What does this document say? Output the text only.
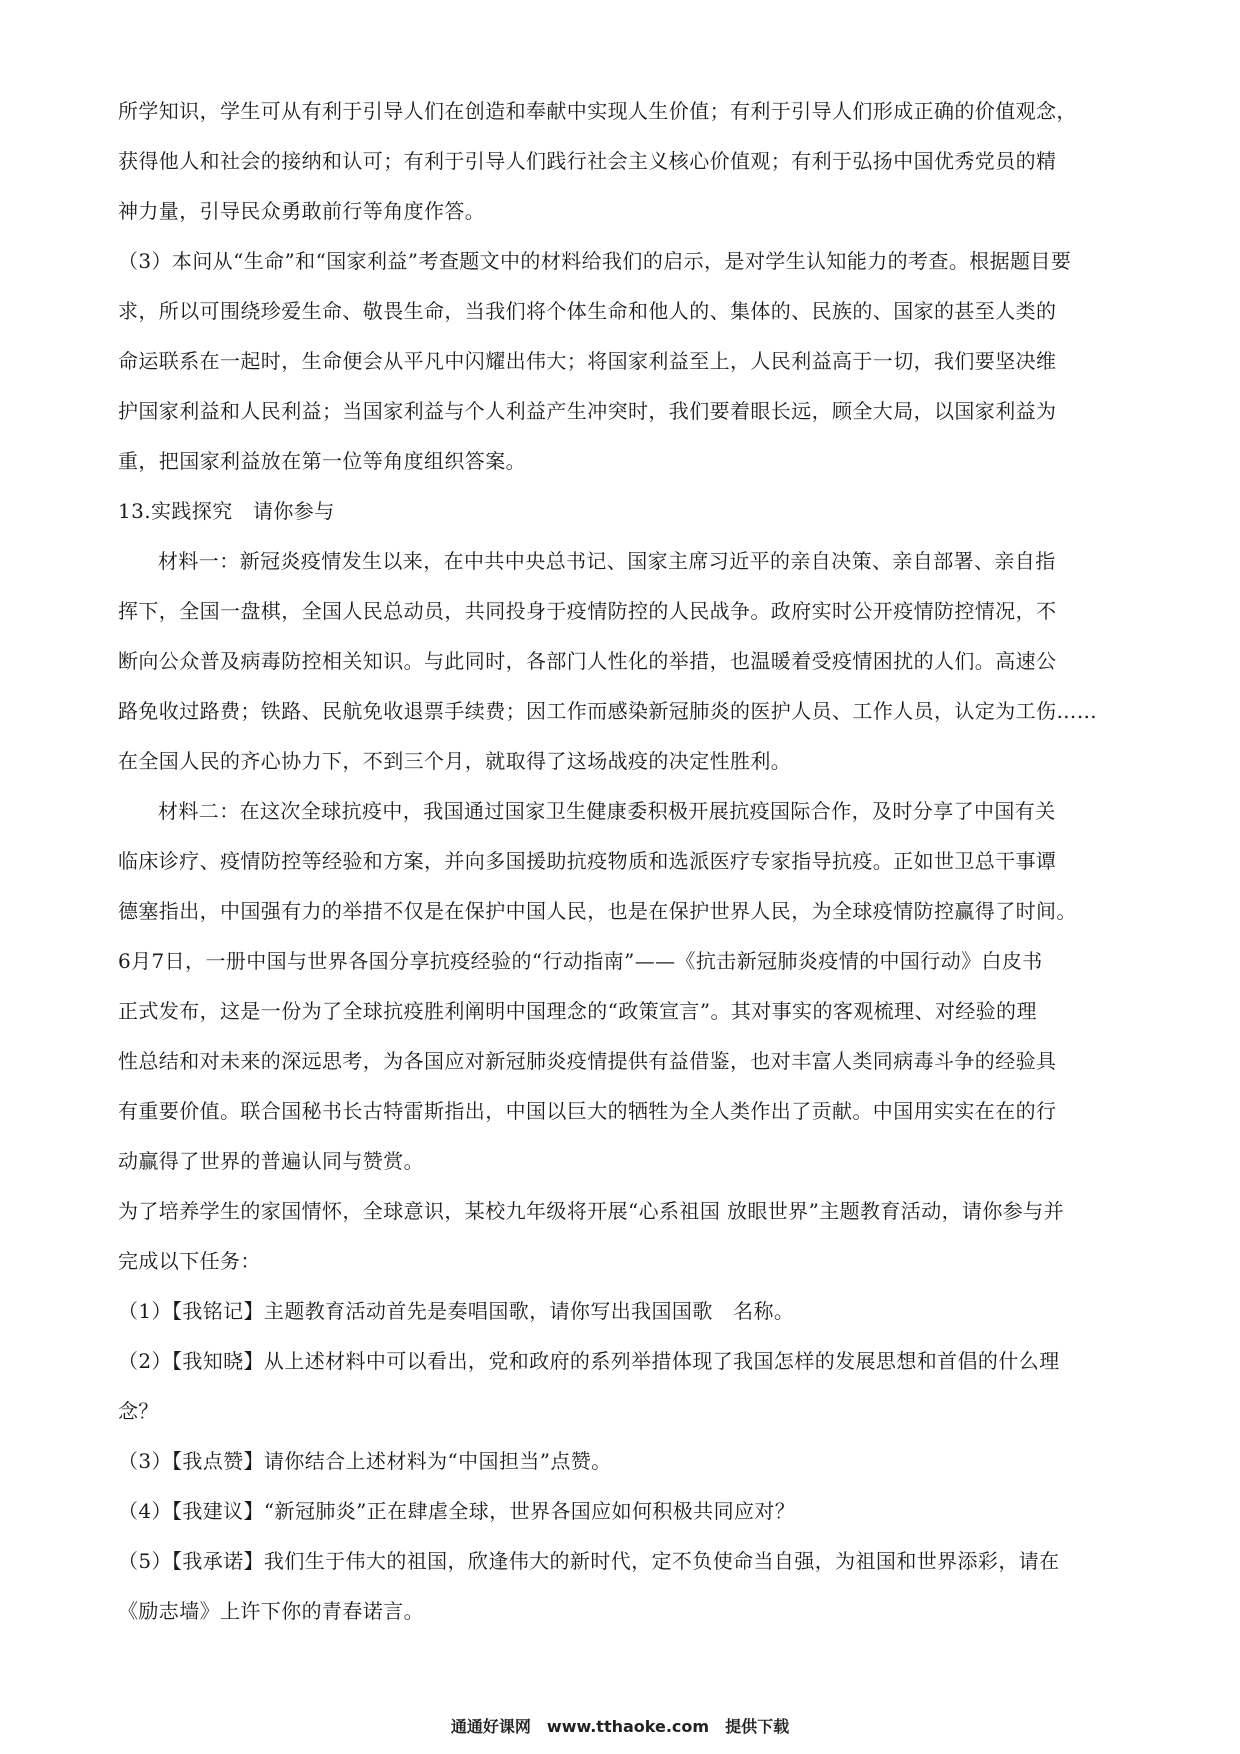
所学知识，学生可从有利于引导人们在创造和奉献中实现人生价值；有利于引导人们形成正确的价值观念，
获得他人和社会的接纳和认可；有利于引导人们践行社会主义核心价值观；有利于弘扬中国优秀党员的精
神力量，引导民众勇敢前行等角度作答。
（3）本问从“生命”和“国家利益”考查题文中的材料给我们的启示，是对学生认知能力的考查。根据题目要
求，所以可围绕珍爱生命、敬畏生命，当我们将个体生命和他人的、集体的、民族的、国家的甚至人类的
命运联系在一起时，生命便会从平凡中闪耀出伟大；将国家利益至上，人民利益高于一切，我们要坚决维
护国家利益和人民利益；当国家利益与个人利益产生冲突时，我们要着眼长远，顾全大局，以国家利益为
重，把国家利益放在第一位等角度组织答案。
13.实践探究　请你参与
材料一：新冠炎疫情发生以来，在中共中央总书记、国家主席习近平的亲自决策、亲自部署、亲自指
挥下，全国一盘棋，全国人民总动员，共同投身于疫情防控的人民战争。政府实时公开疫情防控情况，不
断向公众普及病毒防控相关知识。与此同时，各部门人性化的举措，也温暖着受疫情困扰的人们。高速公
路免收过路费；铁路、民航免收退票手续费；因工作而感染新冠肺炎的医护人员、工作人员，认定为工伤……
在全国人民的齐心协力下，不到三个月，就取得了这场战疫的决定性胜利。
材料二：在这次全球抗疫中，我国通过国家卫生健康委积极开展抗疫国际合作，及时分享了中国有关
临床诊疗、疫情防控等经验和方案，并向多国援助抗疫物质和选派医疗专家指导抗疫。正如世卫总干事谭
德塞指出，中国强有力的举措不仅是在保护中国人民，也是在保护世界人民，为全球疫情防控赢得了时间。
6月7日，一册中国与世界各国分享抗疫经验的“行动指南”——《抗击新冠肺炎疫情的中国行动》白皮书
正式发布，这是一份为了全球抗疫胜利阐明中国理念的“政策宣言”。其对事实的客观梳理、对经验的理
性总结和对未来的深远思考，为各国应对新冠肺炎疫情提供有益借鉴，也对丰富人类同病毒斗争的经验具
有重要价值。联合国秘书长古特雷斯指出，中国以巨大的牺牲为全人类作出了贡献。中国用实实在在的行
动赢得了世界的普遍认同与赞赏。
为了培养学生的家国情怀，全球意识，某校九年级将开展“心系祖国 放眼世界”主题教育活动，请你参与并
完成以下任务：
（1）【我铭记】主题教育活动首先是奏唱国歌，请你写出我国国歌　名称。
（2）【我知晓】从上述材料中可以看出，党和政府的系列举措体现了我国怎样的发展思想和首倡的什么理
念？
（3）【我点赞】请你结合上述材料为“中国担当”点赞。
（4）【我建议】“新冠肺炎”正在肆虐全球，世界各国应如何积极共同应对？
（5）【我承诺】我们生于伟大的祖国，欣逢伟大的新时代，定不负使命当自强，为祖国和世界添彩，请在
《励志墙》上许下你的青春诺言。
通通好课网　www.tthaoke.com　提供下载
